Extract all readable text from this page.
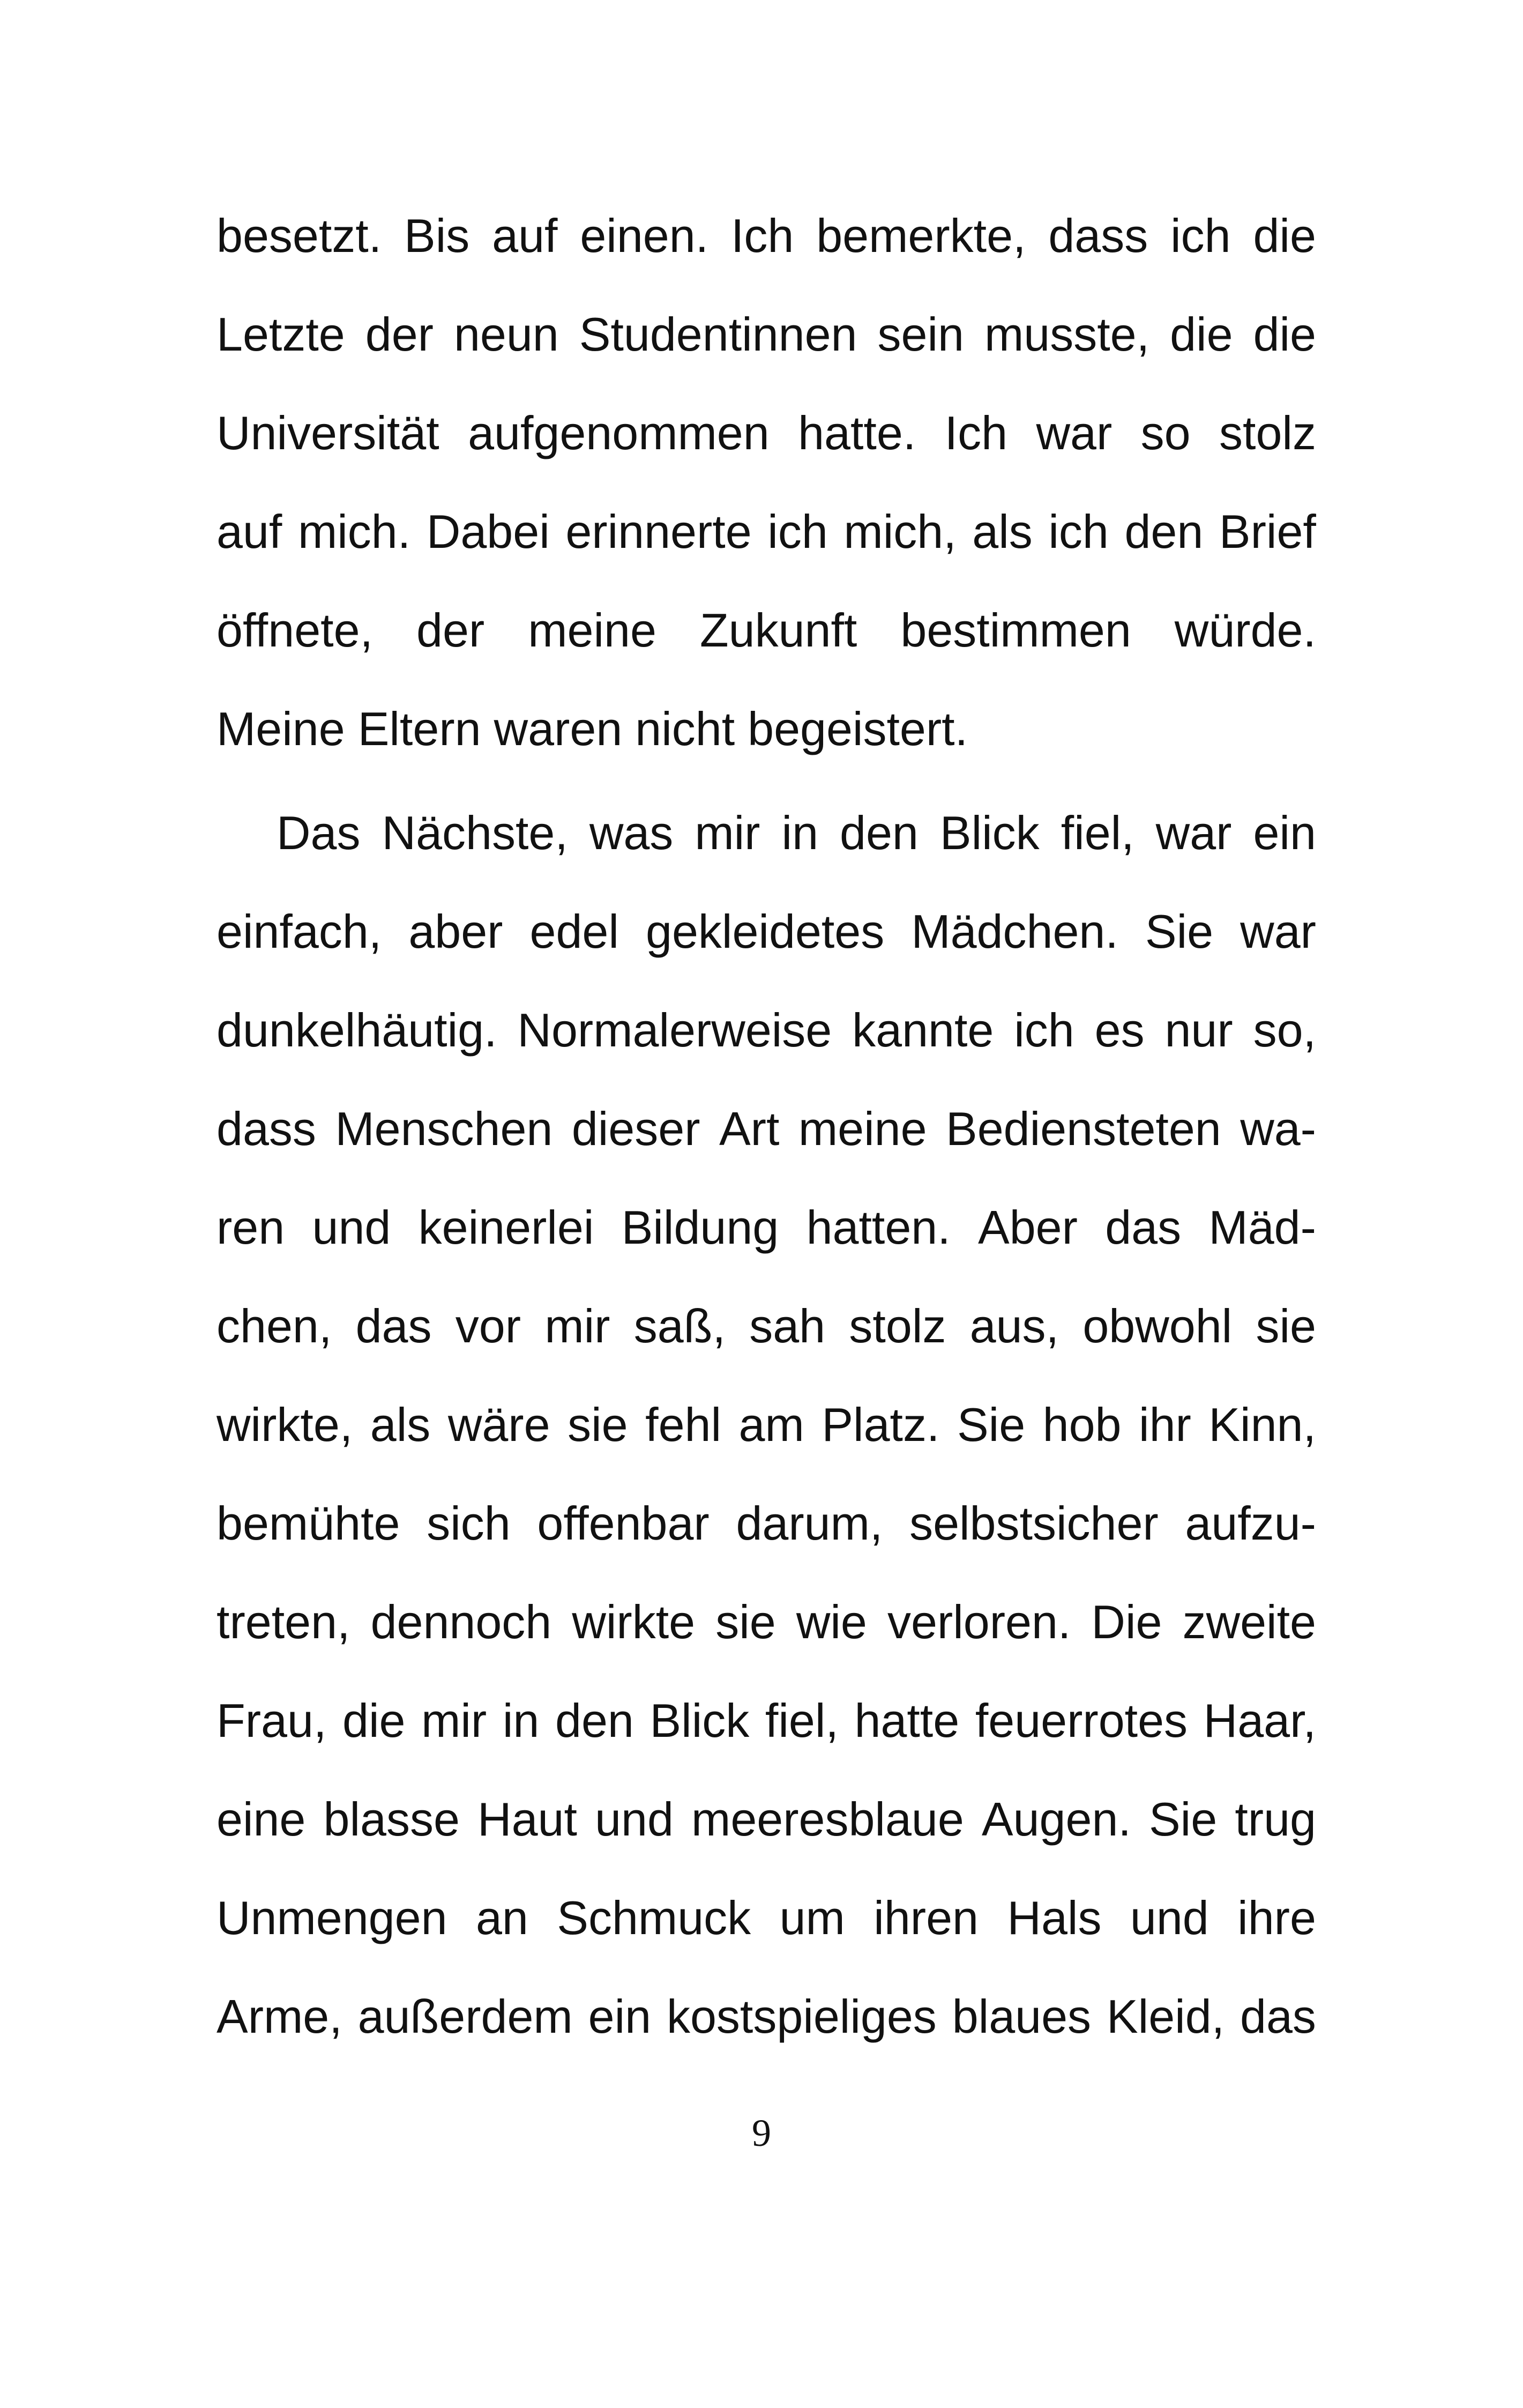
besetzt. Bis auf einen. Ich bemerkte, dass ich die
Letzte der neun Studentinnen sein musste, die die
Universität aufgenommen hatte. Ich war so stolz
auf mich. Dabei erinnerte ich mich, als ich den Brief
öffnete, der meine Zukunft bestimmen würde.
Meine Eltern waren nicht begeistert.
Das Nächste, was mir in den Blick fiel, war ein
einfach, aber edel gekleidetes Mädchen. Sie war
dunkelhäutig. Normalerweise kannte ich es nur so,
dass Menschen dieser Art meine Bediensteten wa-
ren und keinerlei Bildung hatten. Aber das Mäd-
chen, das vor mir saß, sah stolz aus, obwohl sie
wirkte, als wäre sie fehl am Platz. Sie hob ihr Kinn,
bemühte sich offenbar darum, selbstsicher aufzu-
treten, dennoch wirkte sie wie verloren. Die zweite
Frau, die mir in den Blick fiel, hatte feuerrotes Haar,
eine blasse Haut und meeresblaue Augen. Sie trug
Unmengen an Schmuck um ihren Hals und ihre
Arme, außerdem ein kostspieliges blaues Kleid, das
9
